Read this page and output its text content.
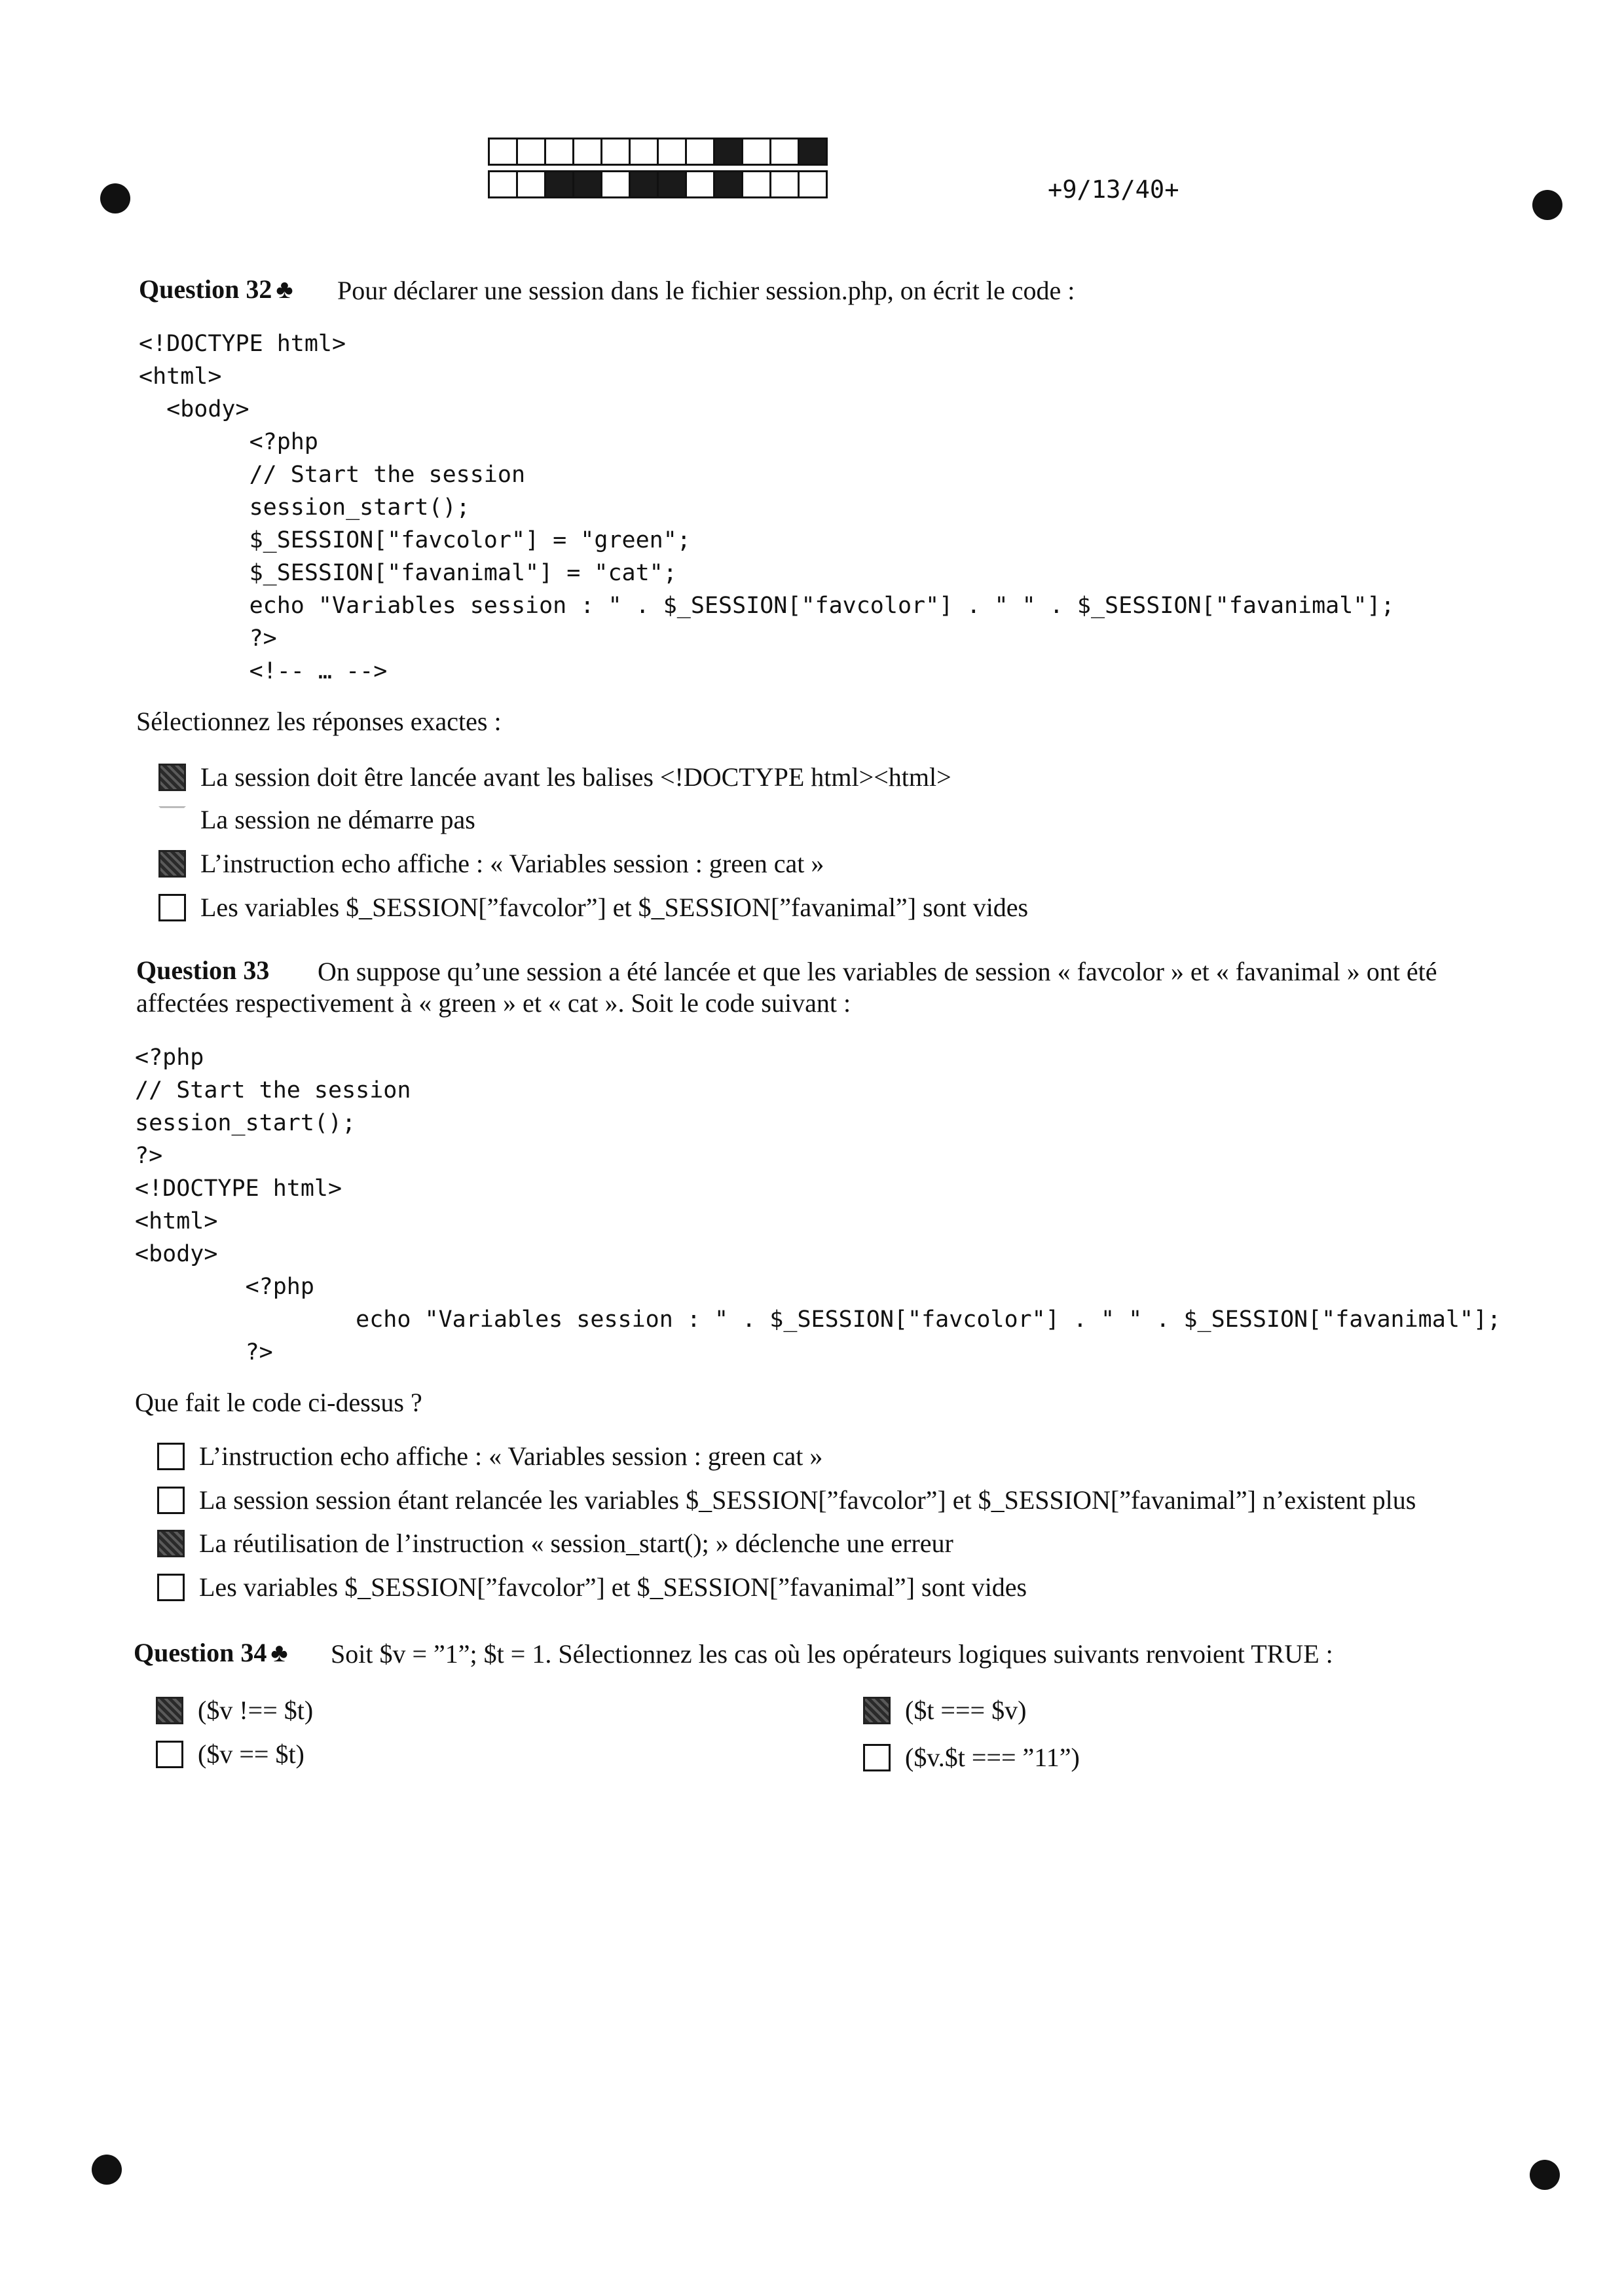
+9/13/40+
Question 32 ♣ Pour déclarer une session dans le fichier session.php, on écrit le code :
<!DOCTYPE html>
<html>
<body>
<?php
// Start the session
session_start();
$_SESSION["favcolor"] = "green";
$_SESSION["favanimal"] = "cat";
echo "Variables session : " . $_SESSION["favcolor"] . " " . $_SESSION["favanimal"];
?>
<!-- … -->
Sélectionnez les réponses exactes :
La session doit être lancée avant les balises <!DOCTYPE html><html>
La session ne démarre pas
L’instruction echo affiche : « Variables session : green cat »
Les variables $_SESSION[”favcolor”] et $_SESSION[”favanimal”] sont vides
Question 33 On suppose qu’une session a été lancée et que les variables de session « favcolor » et « favanimal » ont été
affectées respectivement à « green » et « cat ». Soit le code suivant :
<?php
// Start the session
session_start();
?>
<!DOCTYPE html>
<html>
<body>
<?php
echo "Variables session : " . $_SESSION["favcolor"] . " " . $_SESSION["favanimal"];
?>
Que fait le code ci-dessus ?
L’instruction echo affiche : « Variables session : green cat »
La session session étant relancée les variables $_SESSION[”favcolor”] et $_SESSION[”favanimal”] n’existent plus
La réutilisation de l’instruction « session_start(); » déclenche une erreur
Les variables $_SESSION[”favcolor”] et $_SESSION[”favanimal”] sont vides
Question 34 ♣ Soit $v = ”1”; $t = 1. Sélectionnez les cas où les opérateurs logiques suivants renvoient TRUE :
($v !== $t)	($t === $v)
($v == $t)	($v.$t === ”11”)
